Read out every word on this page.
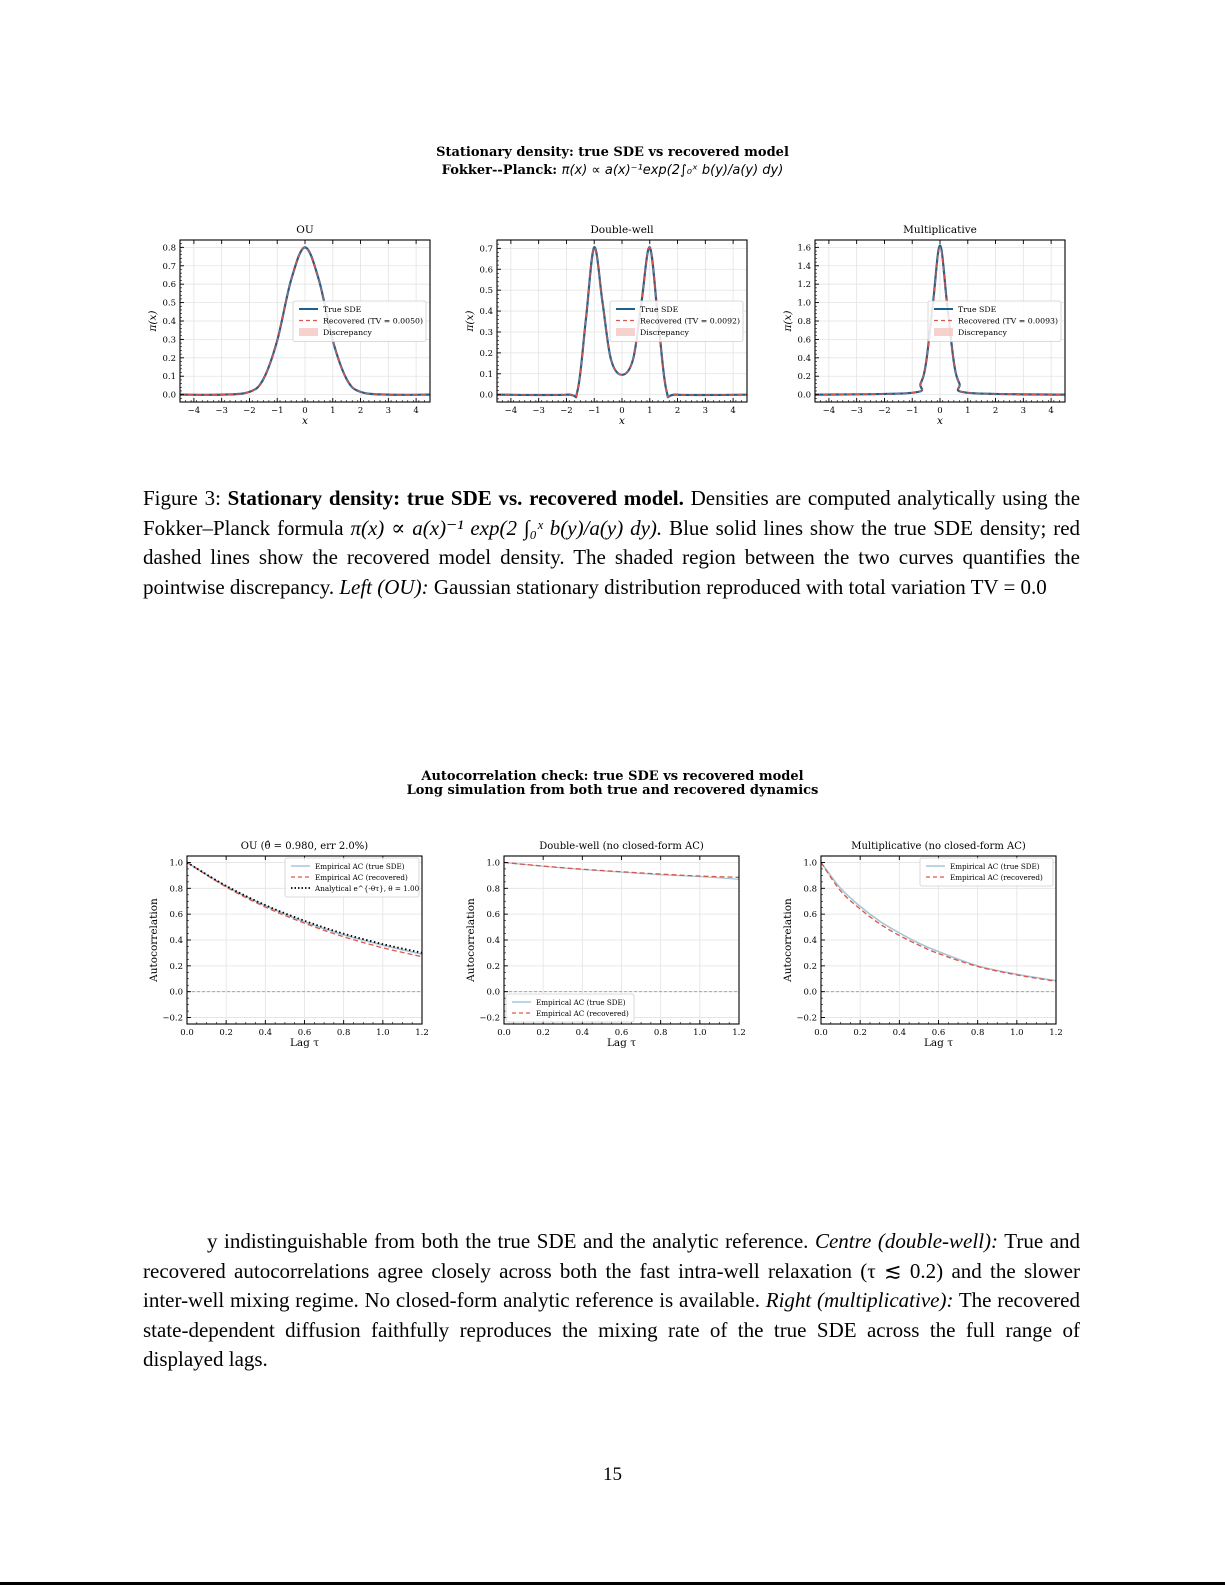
Stationary density: true SDE vs recovered model
Fokker--Planck: π(x) ∝ a(x)⁻¹exp(2∫₀ˣ b(y)/a(y) dy)
−4 −3 −2 −1 0	1	2	3	4
0.0
0.1
0.2
0.3
0.4
0.5
0.6
0.7
0.8
OU
x
π(x)
True SDE
Recovered (TV = 0.0050)
Discrepancy
−4 −3 −2 −1 0	1	2	3	4
0.0
0.1
0.2
0.3
0.4
0.5
0.6
0.7
Double-well
x
π(x)
True SDE
Recovered (TV = 0.0092)
Discrepancy
−4 −3 −2 −1 0	1	2	3	4
0.0
0.2
0.4
0.6
0.8
1.0
1.2
1.4
1.6
Multiplicative
x
π(x)
True SDE
Recovered (TV = 0.0093)
Discrepancy
Figure 3: Stationary density: true SDE vs. recovered model. Densities are computed analytically using the Fokker–Planck formula π(x) ∝ a(x)⁻¹ exp(2 ∫₀ˣ b(y)/a(y) dy). Blue solid lines show the true SDE density; red dashed lines show the recovered model density. The shaded region between the two curves quantifies the pointwise discrepancy. Left (OU): Gaussian stationary distribution reproduced with total variation TV = 0.0
Autocorrelation check: true SDE vs recovered model
Long simulation from both true and recovered dynamics
0.0	0.2	0.4	0.6	0.8	1.0	1.2
−0.2
0.0
0.2
0.4
0.6
0.8
1.0
OU (θ̂ = 0.980, err 2.0%)
Lag τ
Autocorrelation
Empirical AC (true SDE)
Empirical AC (recovered)
Analytical e^{-θτ}, θ = 1.00
0.0	0.2	0.4	0.6	0.8	1.0	1.2
−0.2
0.0
0.2
0.4
0.6
0.8
1.0
Double-well (no closed-form AC)
Lag τ
Autocorrelation
Empirical AC (true SDE)
Empirical AC (recovered)
0.0	0.2	0.4	0.6	0.8	1.0	1.2
−0.2
0.0
0.2
0.4
0.6
0.8
1.0
Multiplicative (no closed-form AC)
Lag τ
Autocorrelation
Empirical AC (true SDE)
Empirical AC (recovered)
y indistinguishable from both the true SDE and the analytic reference. Centre (double-well): True and recovered autocorrelations agree closely across both the fast intra-well relaxation (τ ≲ 0.2) and the slower inter-well mixing regime. No closed-form analytic reference is available. Right (multiplicative): The recovered state-dependent diffusion faithfully reproduces the mixing rate of the true SDE across the full range of displayed lags.
15
